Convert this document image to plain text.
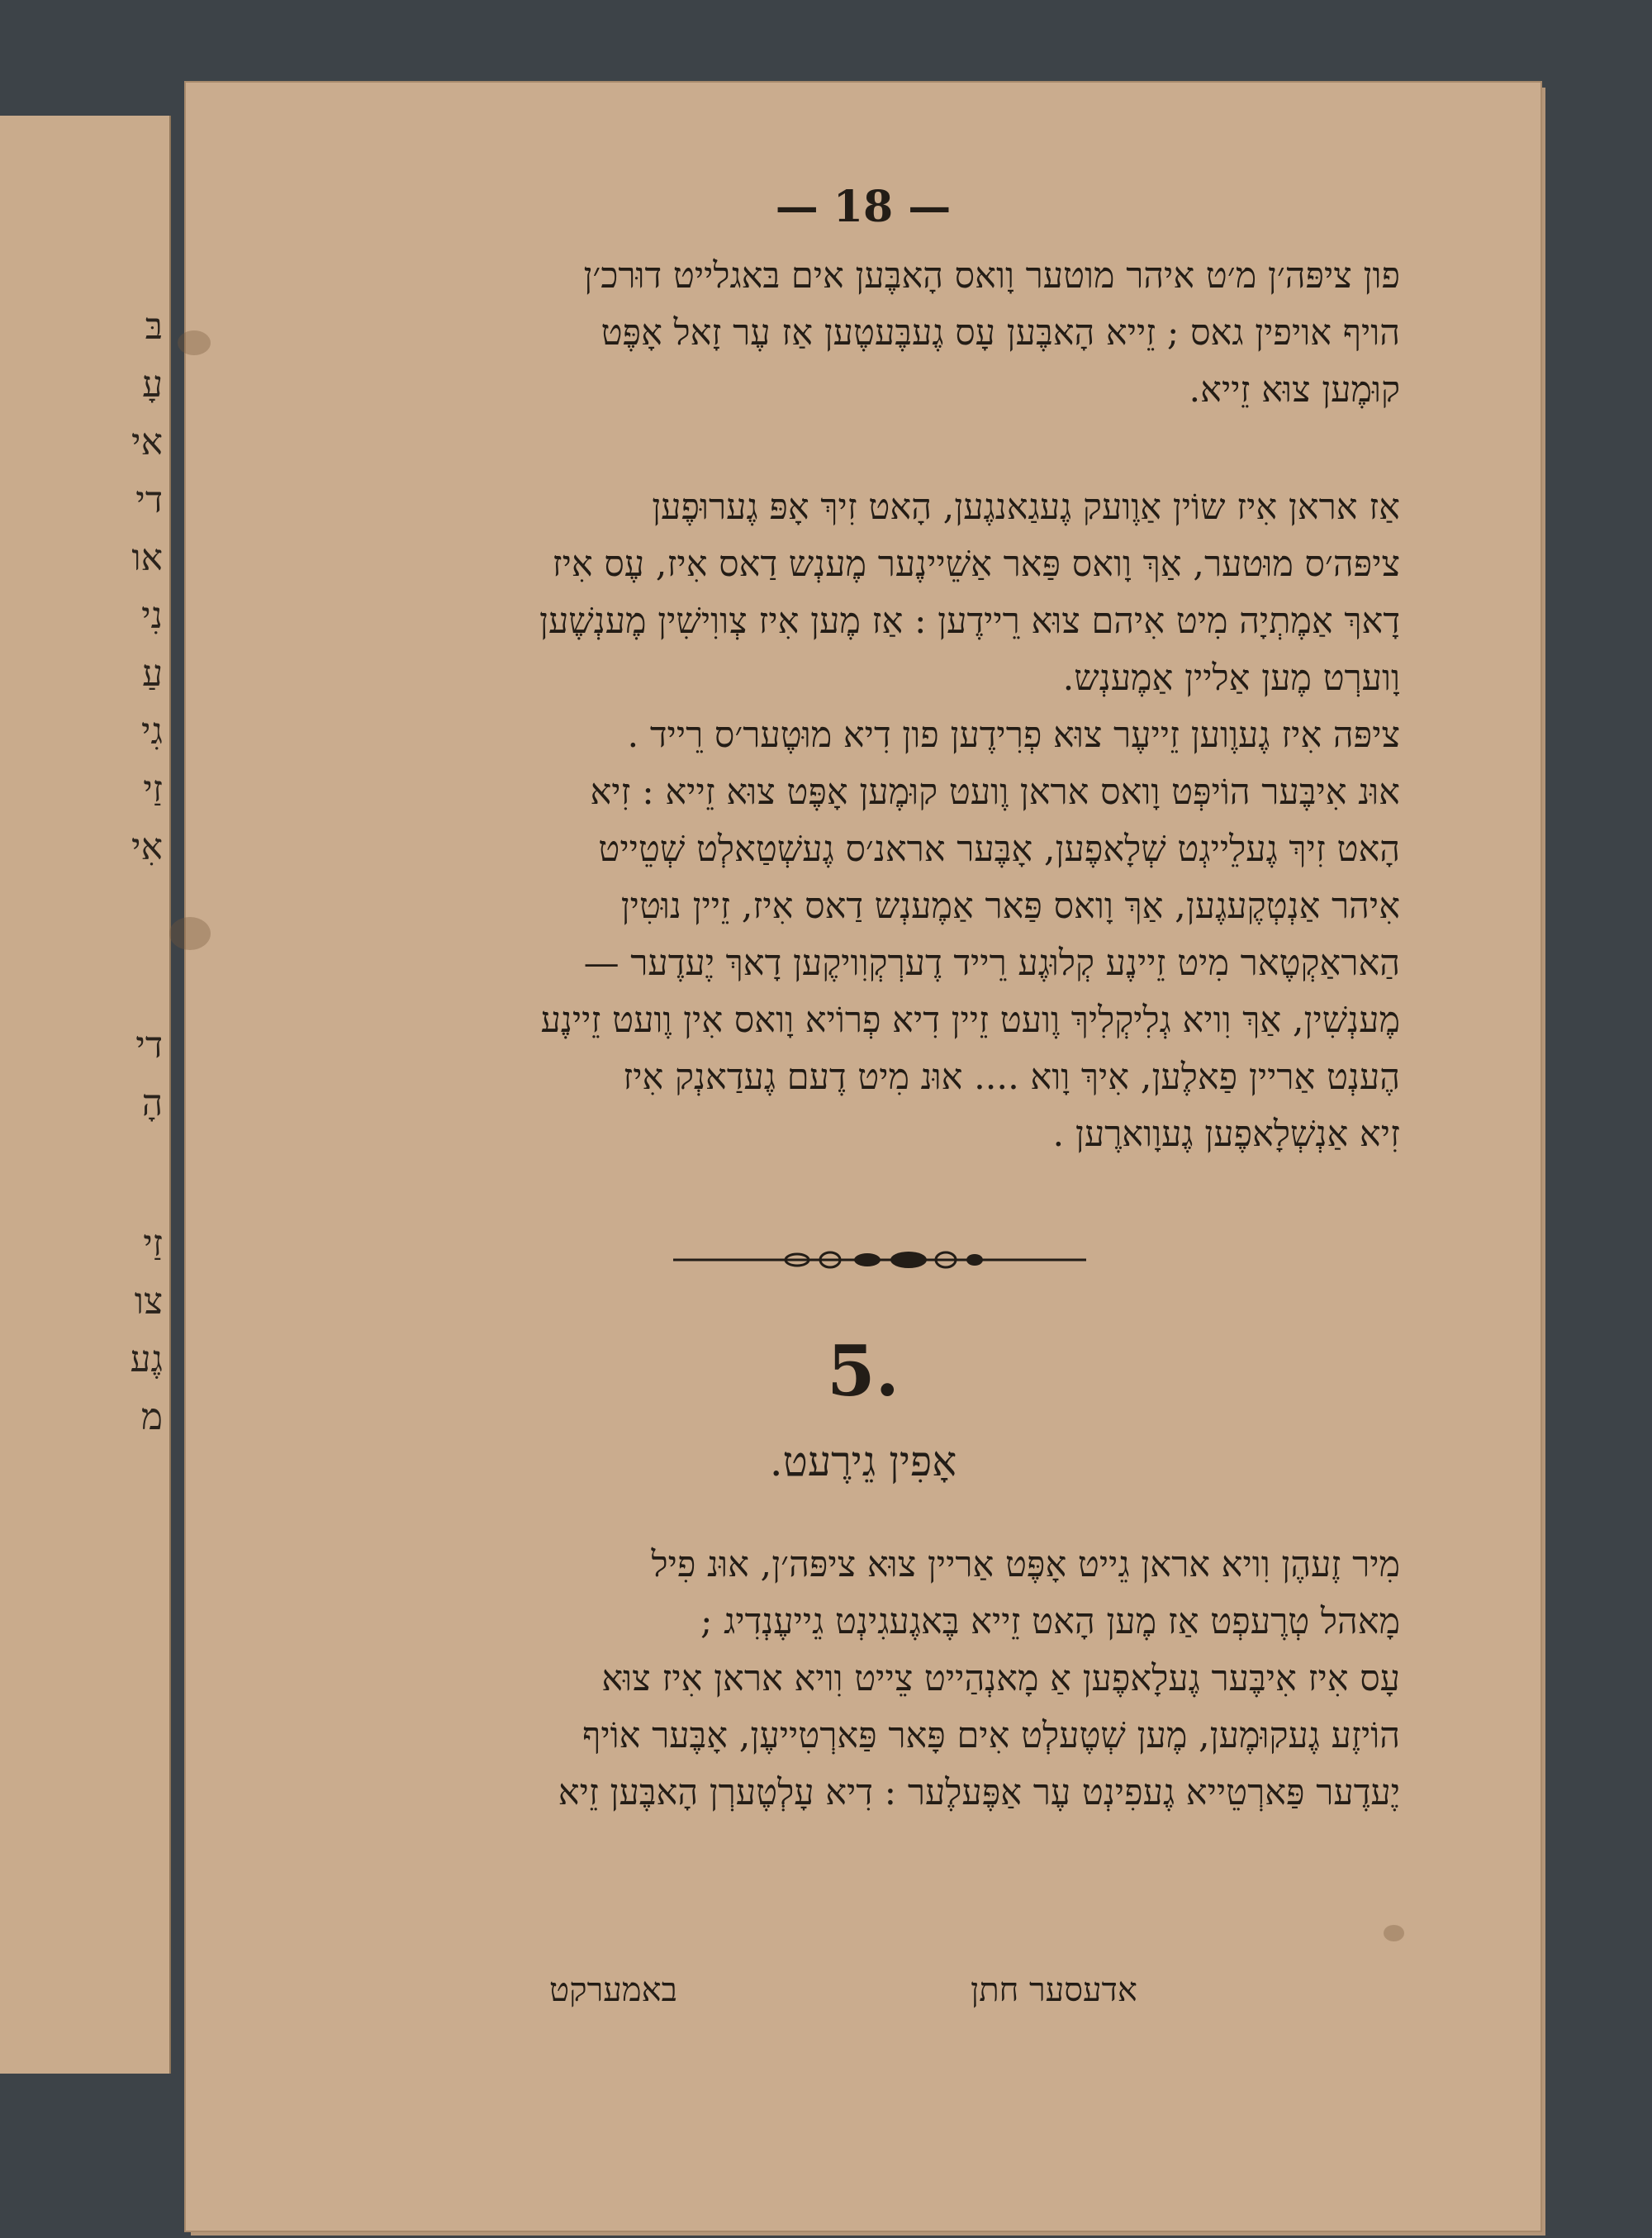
בּ
עָ
אי
די
או
נִי
עַ
גִי
זַי
אִי
די
הָ
זַי
צו
גֶע
מ
— 18 —
פון ציפּה׳ן מ׳ט איהר מוטער וָואס הָאבֶּען אים בּאגלייט דוּרכ׳ן
הויף אויפין גאס ; זֵייא הָאבֶּען עָס גֶעבֶּעטֶען אַז עֶר זָאל אָפֶּט
קוּמֶען צוּא זֵייא.
אַז אראן אִיז שוֹין אַוֶועק גֶעגַאנגֶען, הָאט זִיךְ אָפּ גֶערוּפֶען
ציפּה׳ס מוּטער, אַךְ וָואס פַּאר אַשֵׁיינֶער מֶענְש דַאס אִיז, עֶס אִיז
דָאךְ אַמֶתְיָה מִיט אִיהם צוּא רֵיידֶען : אַז מֶען אִיז צְווִישִׁין מֶענְשֶׁען
וָוערְט מֶען אַליין אַמֶענְש.
ציפּה אִיז גֶעוֶוען זֵייעֶר צוּא פְרִידֶען פון דִיא מוּטֶער׳ס רֵייד .
אוּנ אִיבֶּער הוֹיפְּט וָואס אראן וֶועט קוּמֶען אָפֶּט צוּא זֵייא : זִיא
הָאט זִיךְ גֶעלֵייגְט שְׁלָאפֶען, אָבֶּער אראנ׳ס גֶעשְׁטַאלְט שְׁטֵייט
אִיהר אַנְטְקֶעגֶען, אַךְ וָואס פַּאר אַמֶענְש דַאס אִיז, זֵיין נוּטִין
הַאראַקְטֶאר מִיט זֵיינֶע קְלוּגֶע רֵייד דֶערְקְוִויקֶען דָאךְ יֶעדֶער —
מֶענְשִׁין, אַךְ וִויא גְלִיקְלִיךְ וֶועט זֵיין דִיא פְרוֹיא וָואס אִין וֶועט זֵיינֶע
הֶענְט אַריין פַאלֶען, אִיךְ וָוא .... אוּנ מִיט דֶעם גֶעדַאנְק אִיז
זִיא אַנְשְׁלָאפֶען גֶעוָוארֶען .
5.
אָפִין גֵירֶעט.
מִיר זֶעהֶן וִויא אראן גֵייט אָפֶּט אַריין צוּא ציפּה׳ן, אוּנ פִיל
מָאהל טְרֶעפְט אַז מֶען הָאט זֵייא בֶּאגֶעגִינְט גֵייעֶנְדִיג ;
עָס אִיז אִיבֶּער גֶעלָאפֶען אַ מָאנְהַייט צֵייט וִויא אראן אִיז צוּא
הוֹיזֶע גֶעקוּמֶען, מֶען שְׁטֶעלְט אִים פָּאר פַּארְטִייעֶן, אָבֶּער אוֹיף
יֶעדֶער פַּארְטֵייא גֶעפִינְט עֶר אַפֶּעלֶער : דִיא עָלְטֶערְן הָאבֶּען זֵיא
באמערקט	אדעסער חתן
